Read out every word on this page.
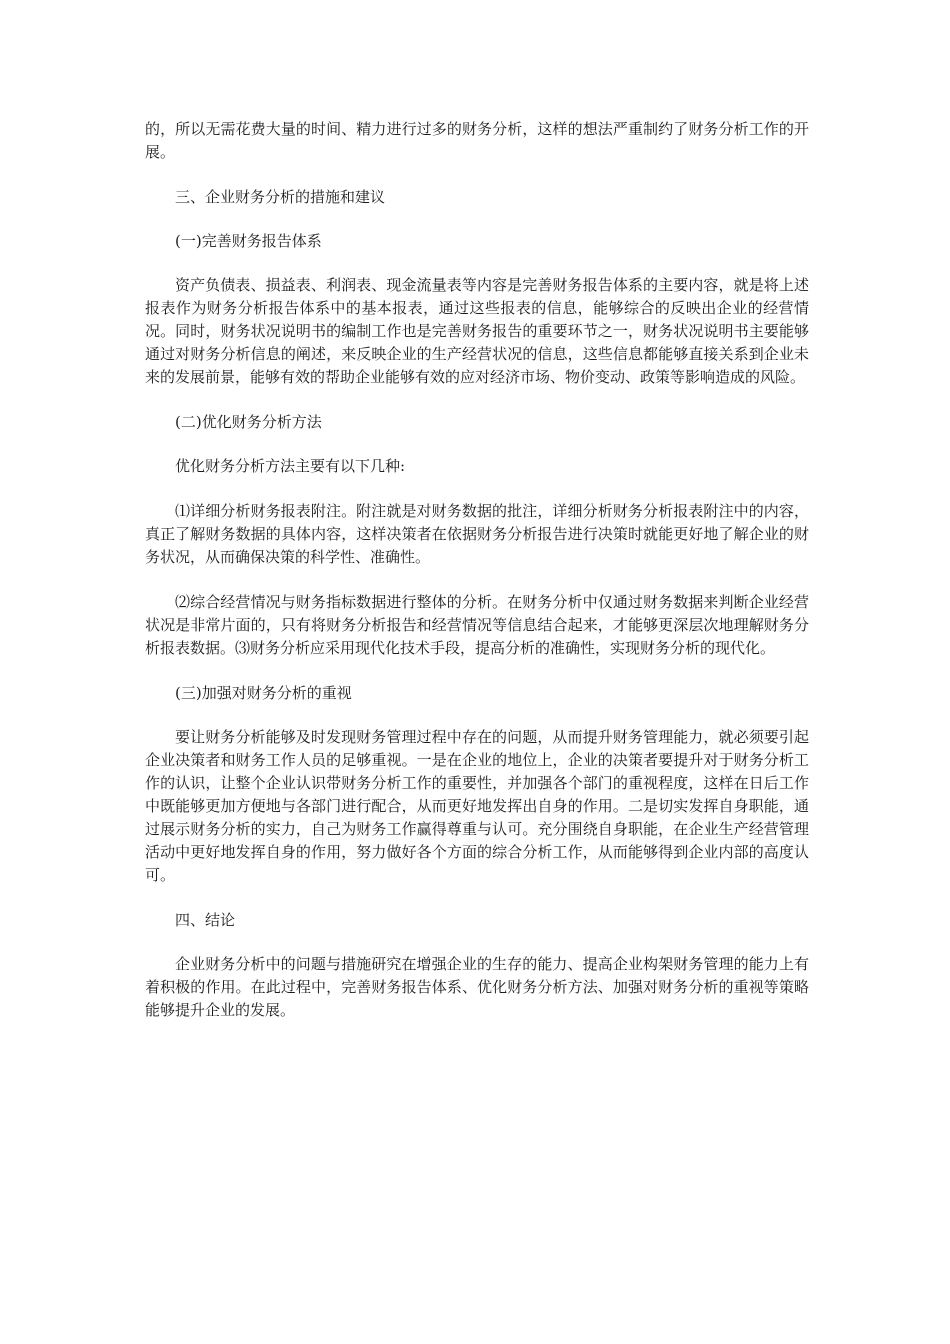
的，所以无需花费大量的时间、精力进行过多的财务分析，这样的想法严重制约了财务分析工作的开展。

三、企业财务分析的措施和建议

(一)完善财务报告体系

资产负债表、损益表、利润表、现金流量表等内容是完善财务报告体系的主要内容，就是将上述报表作为财务分析报告体系中的基本报表，通过这些报表的信息，能够综合的反映出企业的经营情况。同时，财务状况说明书的编制工作也是完善财务报告的重要环节之一，财务状况说明书主要能够通过对财务分析信息的阐述，来反映企业的生产经营状况的信息，这些信息都能够直接关系到企业未来的发展前景，能够有效的帮助企业能够有效的应对经济市场、物价变动、政策等影响造成的风险。

(二)优化财务分析方法

优化财务分析方法主要有以下几种:

⑴详细分析财务报表附注。附注就是对财务数据的批注，详细分析财务分析报表附注中的内容，真正了解财务数据的具体内容，这样决策者在依据财务分析报告进行决策时就能更好地了解企业的财务状况，从而确保决策的科学性、准确性。

⑵综合经营情况与财务指标数据进行整体的分析。在财务分析中仅通过财务数据来判断企业经营状况是非常片面的，只有将财务分析报告和经营情况等信息结合起来，才能够更深层次地理解财务分析报表数据。⑶财务分析应采用现代化技术手段，提高分析的准确性，实现财务分析的现代化。

(三)加强对财务分析的重视

要让财务分析能够及时发现财务管理过程中存在的问题，从而提升财务管理能力，就必须要引起企业决策者和财务工作人员的足够重视。一是在企业的地位上，企业的决策者要提升对于财务分析工作的认识，让整个企业认识带财务分析工作的重要性，并加强各个部门的重视程度，这样在日后工作中既能够更加方便地与各部门进行配合，从而更好地发挥出自身的作用。二是切实发挥自身职能，通过展示财务分析的实力，自己为财务工作赢得尊重与认可。充分围绕自身职能，在企业生产经营管理活动中更好地发挥自身的作用，努力做好各个方面的综合分析工作，从而能够得到企业内部的高度认可。

四、结论

企业财务分析中的问题与措施研究在增强企业的生存的能力、提高企业构架财务管理的能力上有着积极的作用。在此过程中，完善财务报告体系、优化财务分析方法、加强对财务分析的重视等策略能够提升企业的发展。
